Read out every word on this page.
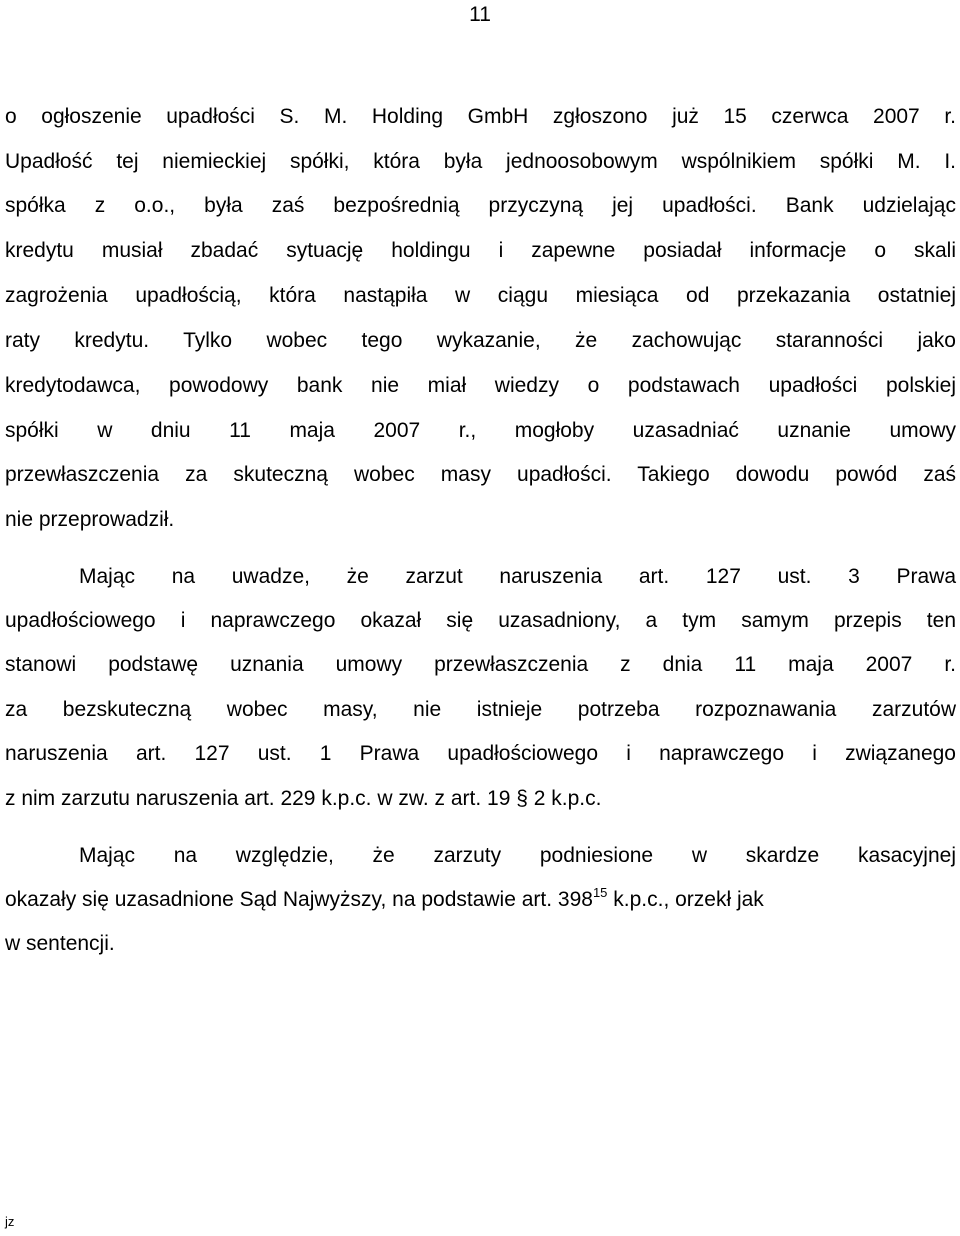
11
o ogłoszenie upadłości S. M. Holding GmbH zgłoszono już 15 czerwca 2007 r.
Upadłość tej niemieckiej spółki, która była jednoosobowym wspólnikiem spółki M. I.
spółka z o.o., była zaś bezpośrednią przyczyną jej upadłości. Bank udzielając
kredytu musiał zbadać sytuację holdingu i zapewne posiadał informacje o skali
zagrożenia upadłością, która nastąpiła w ciągu miesiąca od przekazania ostatniej
raty kredytu. Tylko wobec tego wykazanie, że zachowując staranności jako
kredytodawca, powodowy bank nie miał wiedzy o podstawach upadłości polskiej
spółki w dniu 11 maja 2007 r., mogłoby uzasadniać uznanie umowy
przewłaszczenia za skuteczną wobec masy upadłości. Takiego dowodu powód zaś
nie przeprowadził.
Mając na uwadze, że zarzut naruszenia art. 127 ust. 3 Prawa
upadłościowego i naprawczego okazał się uzasadniony, a tym samym przepis ten
stanowi podstawę uznania umowy przewłaszczenia z dnia 11 maja 2007 r.
za bezskuteczną wobec masy, nie istnieje potrzeba rozpoznawania zarzutów
naruszenia art. 127 ust. 1 Prawa upadłościowego i naprawczego i związanego
z nim zarzutu naruszenia art. 229 k.p.c. w zw. z art. 19 § 2 k.p.c.
Mając na względzie, że zarzuty podniesione w skardze kasacyjnej
okazały się uzasadnione Sąd Najwyższy, na podstawie art. $398^{15}$ k.p.c., orzekł jak
w sentencji.
jz
